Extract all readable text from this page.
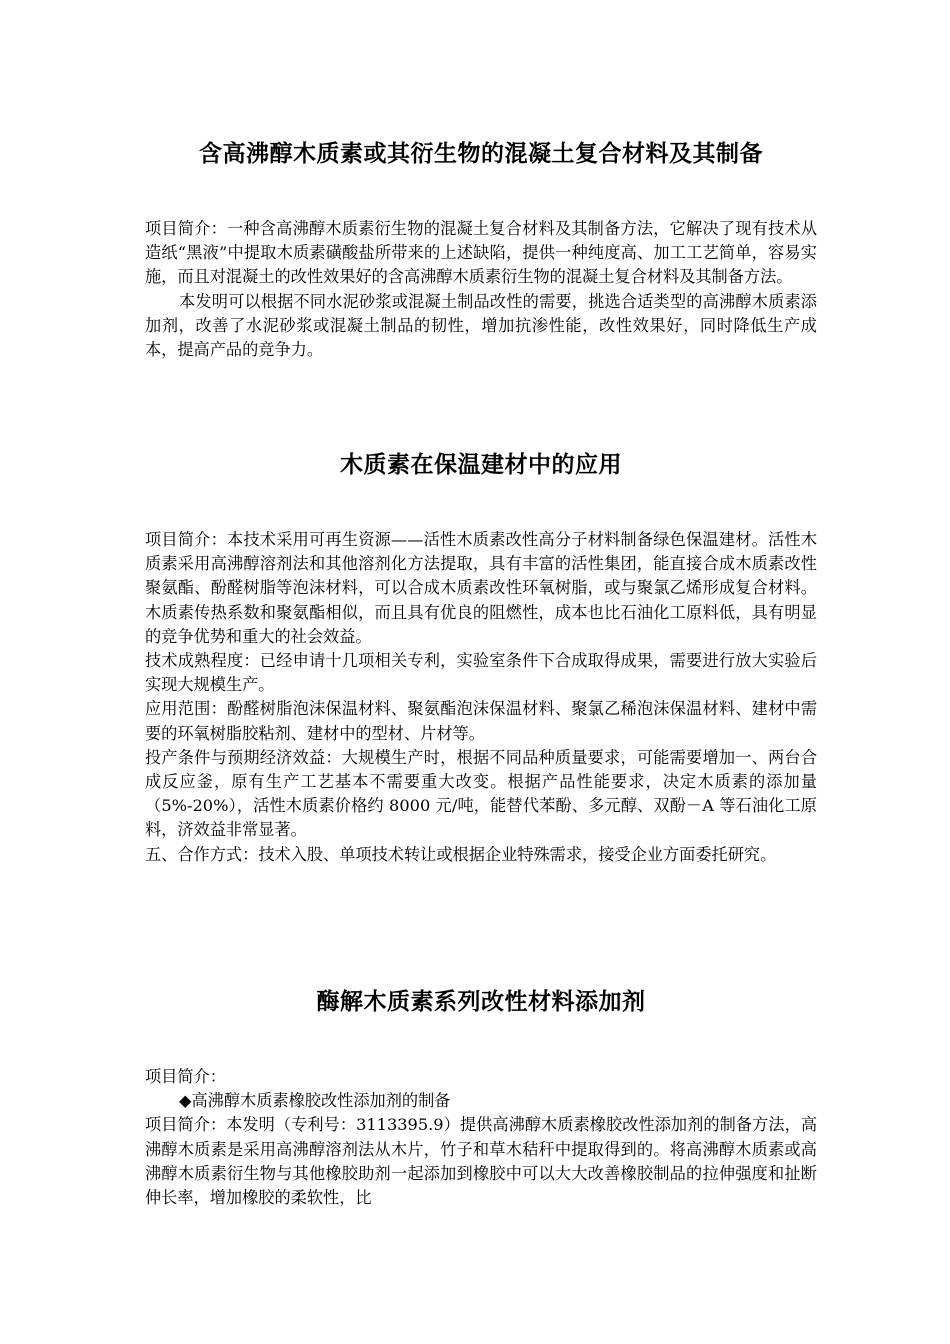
含高沸醇木质素或其衍生物的混凝土复合材料及其制备

项目简介：一种含高沸醇木质素衍生物的混凝土复合材料及其制备方法，它解决了现有技术从造纸“黑液”中提取木质素磺酸盐所带来的上述缺陷，提供一种纯度高、加工工艺简单，容易实施，而且对混凝土的改性效果好的含高沸醇木质素衍生物的混凝土复合材料及其制备方法。

本发明可以根据不同水泥砂浆或混凝土制品改性的需要，挑选合适类型的高沸醇木质素添加剂，改善了水泥砂浆或混凝土制品的韧性，增加抗渗性能，改性效果好，同时降低生产成本，提高产品的竞争力。

木质素在保温建材中的应用

项目简介：本技术采用可再生资源——活性木质素改性高分子材料制备绿色保温建材。活性木质素采用高沸醇溶剂法和其他溶剂化方法提取，具有丰富的活性集团，能直接合成木质素改性聚氨酯、酚醛树脂等泡沫材料，可以合成木质素改性环氧树脂，或与聚氯乙烯形成复合材料。木质素传热系数和聚氨酯相似，而且具有优良的阻燃性，成本也比石油化工原料低，具有明显的竞争优势和重大的社会效益。

技术成熟程度：已经申请十几项相关专利，实验室条件下合成取得成果，需要进行放大实验后实现大规模生产。

应用范围：酚醛树脂泡沫保温材料、聚氨酯泡沫保温材料、聚氯乙稀泡沫保温材料、建材中需要的环氧树脂胶粘剂、建材中的型材、片材等。

投产条件与预期经济效益：大规模生产时，根据不同品种质量要求，可能需要增加一、两台合成反应釜，原有生产工艺基本不需要重大改变。根据产品性能要求，决定木质素的添加量（5%-20%），活性木质素价格约 8000 元/吨，能替代苯酚、多元醇、双酚－A 等石油化工原料，济效益非常显著。

五、合作方式：技术入股、单项技术转让或根据企业特殊需求，接受企业方面委托研究。

酶解木质素系列改性材料添加剂

项目简介：

◆高沸醇木质素橡胶改性添加剂的制备

项目简介：本发明（专利号：3113395.9）提供高沸醇木质素橡胶改性添加剂的制备方法，高沸醇木质素是采用高沸醇溶剂法从木片，竹子和草木秸秆中提取得到的。将高沸醇木质素或高沸醇木质素衍生物与其他橡胶助剂一起添加到橡胶中可以大大改善橡胶制品的拉伸强度和扯断伸长率，增加橡胶的柔软性，比
